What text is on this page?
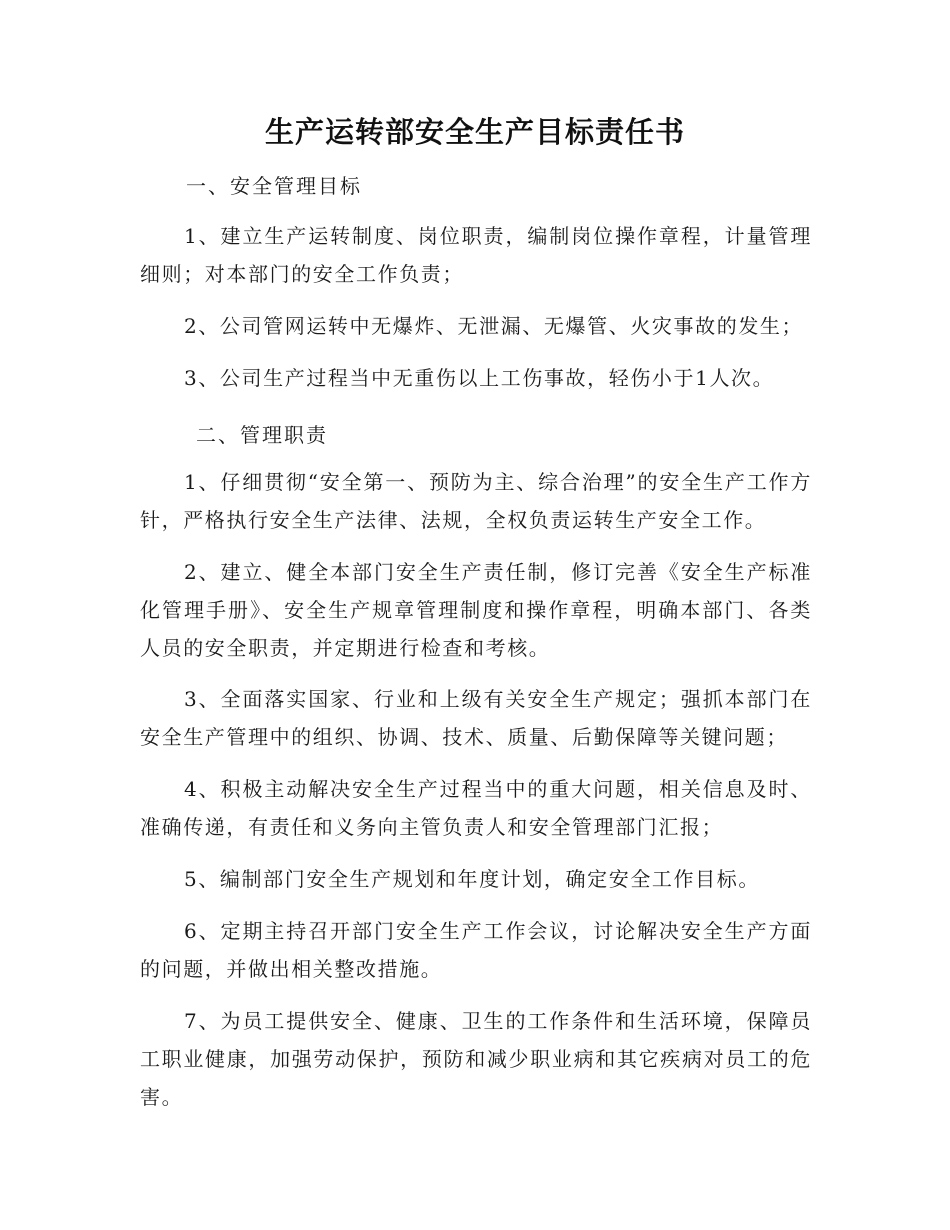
生产运转部安全生产目标责任书
一、安全管理目标
1、建立生产运转制度、岗位职责，编制岗位操作章程，计量管理细则；对本部门的安全工作负责；
2、公司管网运转中无爆炸、无泄漏、无爆管、火灾事故的发生；
3、公司生产过程当中无重伤以上工伤事故，轻伤小于1人次。
二、管理职责
1、仔细贯彻“安全第一、预防为主、综合治理”的安全生产工作方针，严格执行安全生产法律、法规，全权负责运转生产安全工作。
2、建立、健全本部门安全生产责任制，修订完善《安全生产标准化管理手册》、安全生产规章管理制度和操作章程，明确本部门、各类人员的安全职责，并定期进行检查和考核。
3、全面落实国家、行业和上级有关安全生产规定；强抓本部门在安全生产管理中的组织、协调、技术、质量、后勤保障等关键问题；
4、积极主动解决安全生产过程当中的重大问题，相关信息及时、准确传递，有责任和义务向主管负责人和安全管理部门汇报；
5、编制部门安全生产规划和年度计划，确定安全工作目标。
6、定期主持召开部门安全生产工作会议，讨论解决安全生产方面的问题，并做出相关整改措施。
7、为员工提供安全、健康、卫生的工作条件和生活环境，保障员工职业健康，加强劳动保护，预防和减少职业病和其它疾病对员工的危害。
